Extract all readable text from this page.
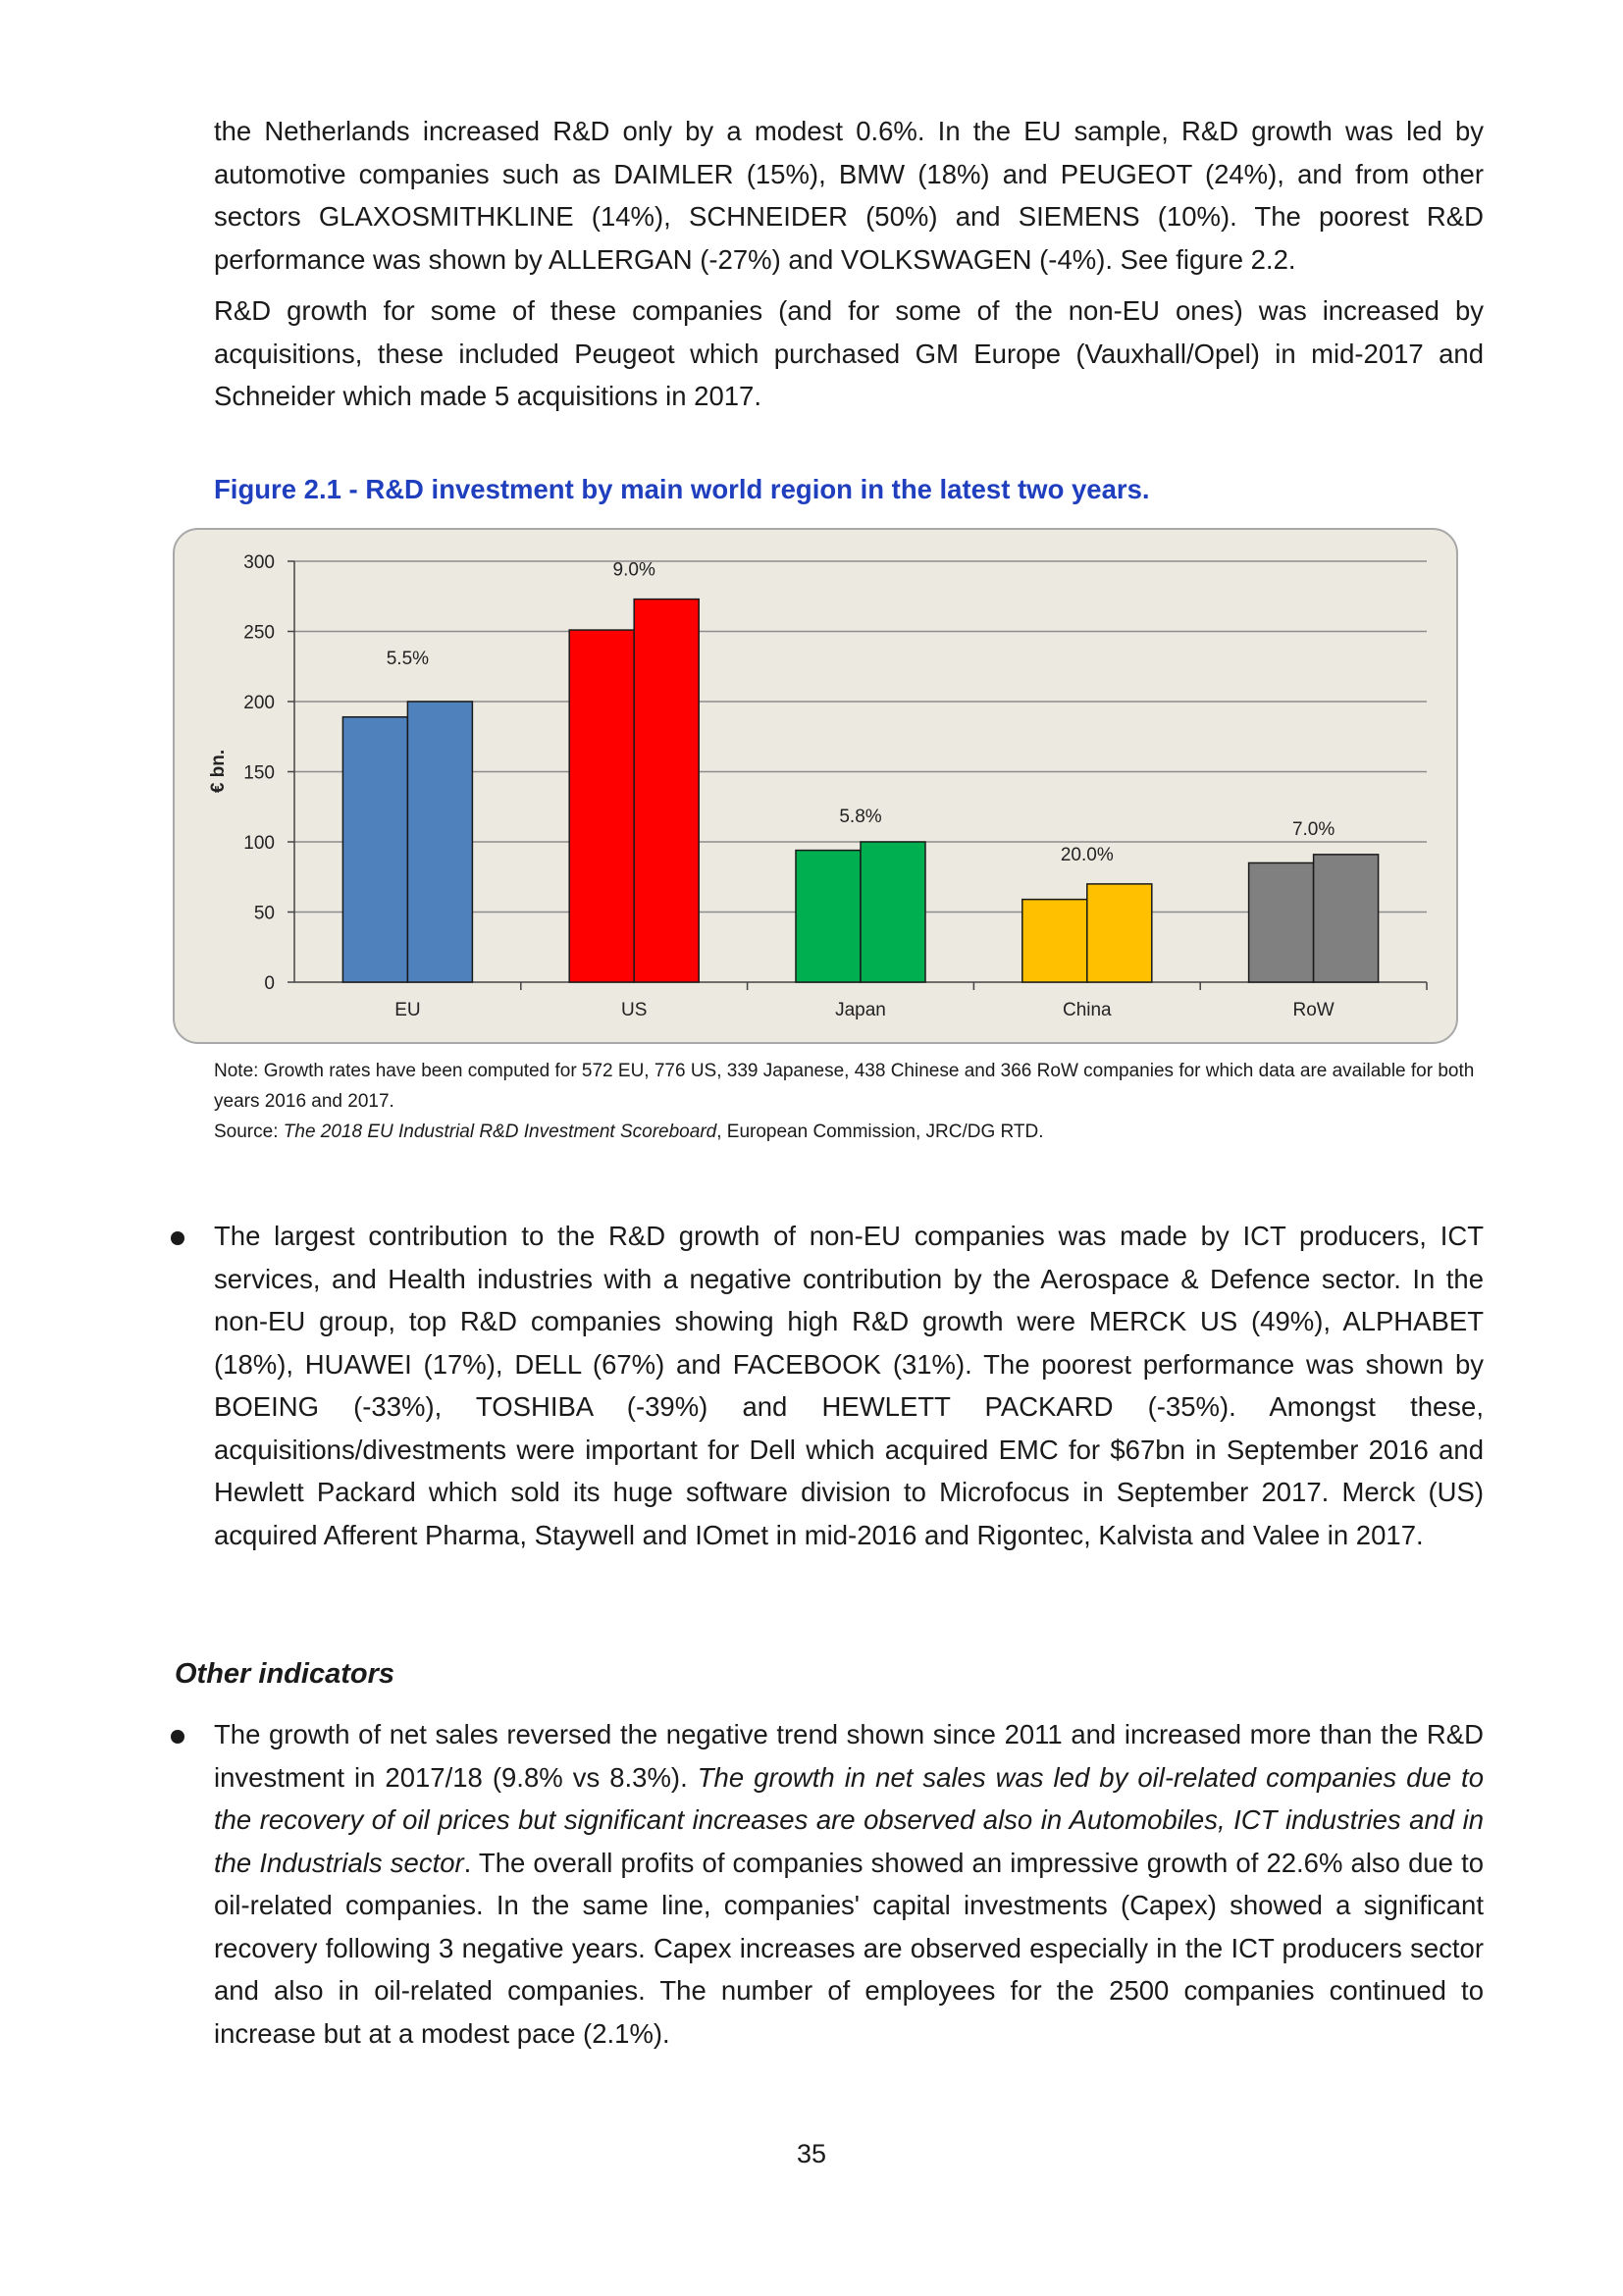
the Netherlands increased R&D only by a modest 0.6%. In the EU sample, R&D growth was led by automotive companies such as DAIMLER (15%), BMW (18%) and PEUGEOT (24%), and from other sectors GLAXOSMITHKLINE (14%), SCHNEIDER (50%) and SIEMENS (10%). The poorest R&D performance was shown by ALLERGAN (-27%) and VOLKSWAGEN (-4%). See figure 2.2.

R&D growth for some of these companies (and for some of the non-EU ones) was increased by acquisitions, these included Peugeot which purchased GM Europe (Vauxhall/Opel) in mid-2017 and Schneider which made 5 acquisitions in 2017.

Figure 2.1 - R&D investment by main world region in the latest two years.

0
50
100
150
200
250
300
€ bn.
EU
5.5%
US
9.0%
Japan
5.8%
China
20.0%
RoW
7.0%

Note: Growth rates have been computed for 572 EU, 776 US, 339 Japanese, 438 Chinese and 366 RoW companies for which data are available for both years 2016 and 2017.

Source: The 2018 EU Industrial R&D Investment Scoreboard, European Commission, JRC/DG RTD.

The largest contribution to the R&D growth of non-EU companies was made by ICT producers, ICT services, and Health industries with a negative contribution by the Aerospace & Defence sector. In the non-EU group, top R&D companies showing high R&D growth were MERCK US (49%), ALPHABET (18%), HUAWEI (17%), DELL (67%) and FACEBOOK (31%). The poorest performance was shown by BOEING (-33%), TOSHIBA (-39%) and HEWLETT PACKARD (-35%). Amongst these, acquisitions/divestments were important for Dell which acquired EMC for $67bn in September 2016 and Hewlett Packard which sold its huge software division to Microfocus in September 2017. Merck (US) acquired Afferent Pharma, Staywell and IOmet in mid-2016 and Rigontec, Kalvista and Valee in 2017.

Other indicators

The growth of net sales reversed the negative trend shown since 2011 and increased more than the R&D investment in 2017/18 (9.8% vs 8.3%). The growth in net sales was led by oil-related companies due to the recovery of oil prices but significant increases are observed also in Automobiles, ICT industries and in the Industrials sector. The overall profits of companies showed an impressive growth of 22.6% also due to oil-related companies. In the same line, companies' capital investments (Capex) showed a significant recovery following 3 negative years. Capex increases are observed especially in the ICT producers sector and also in oil-related companies. The number of employees for the 2500 companies continued to increase but at a modest pace (2.1%).

35
